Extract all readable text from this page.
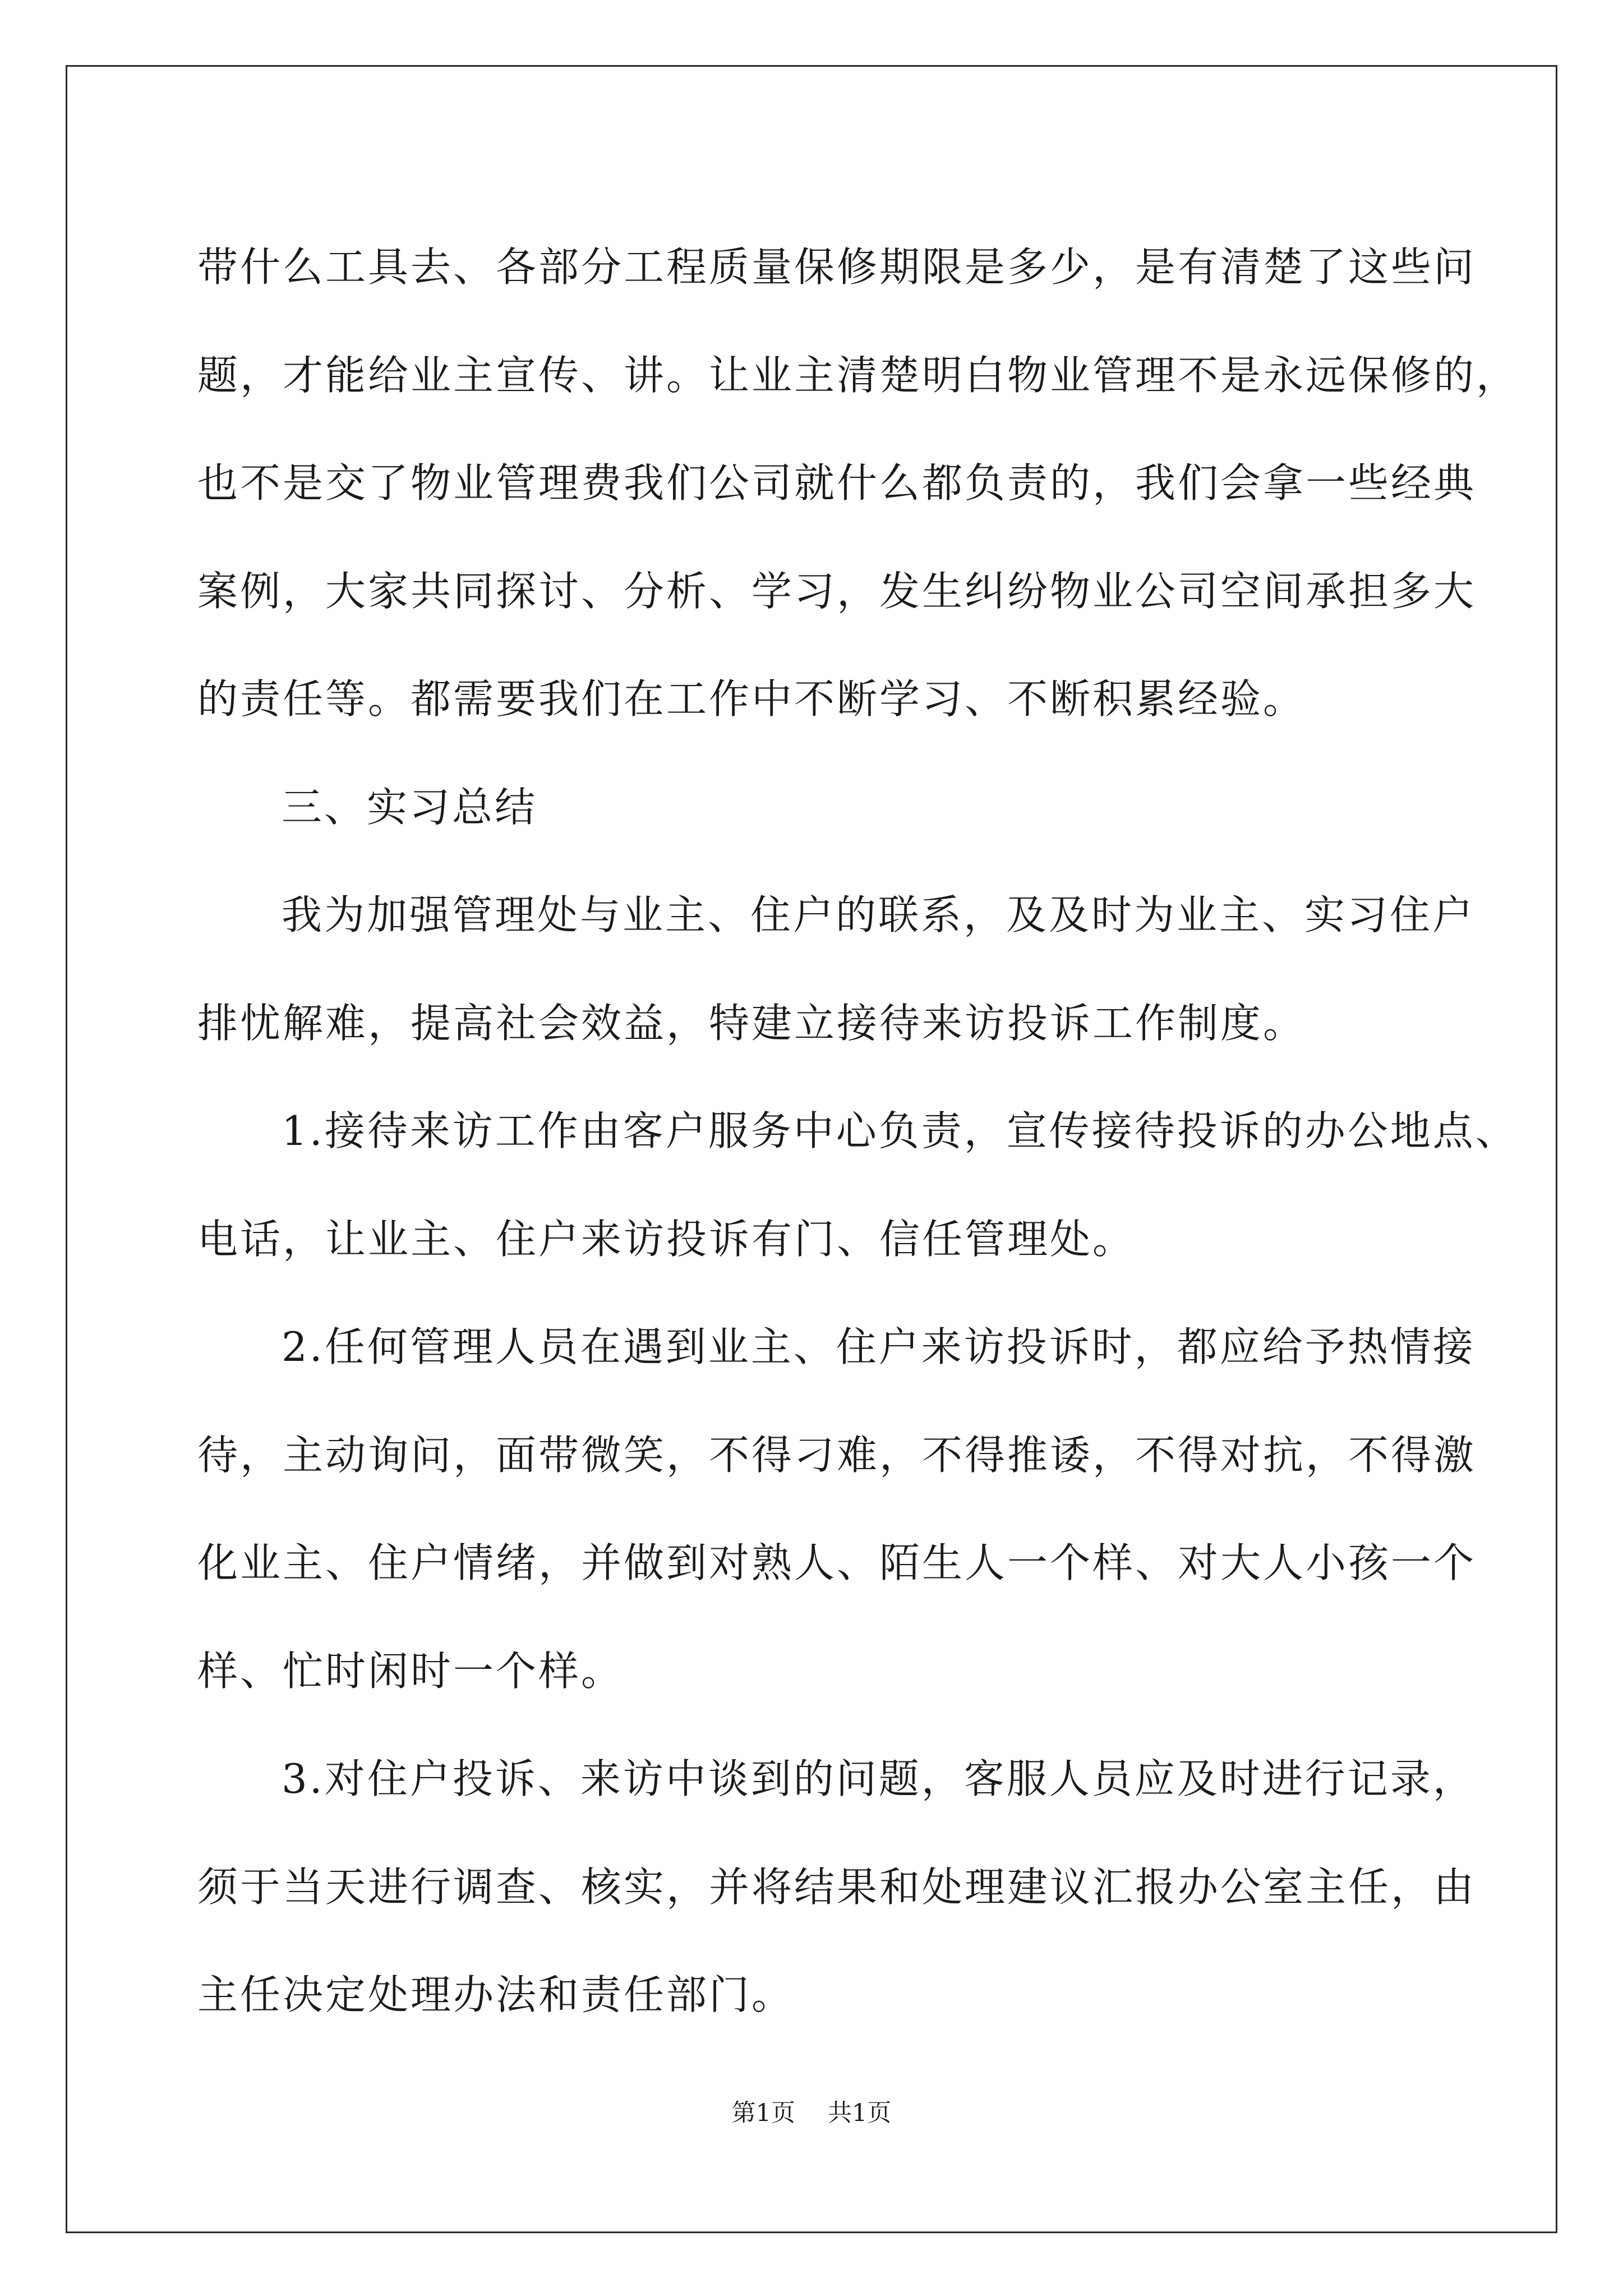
带什么工具去、各部分工程质量保修期限是多少，是有清楚了这些问

题，才能给业主宣传、讲。让业主清楚明白物业管理不是永远保修的，

也不是交了物业管理费我们公司就什么都负责的，我们会拿一些经典

案例，大家共同探讨、分析、学习，发生纠纷物业公司空间承担多大

的责任等。都需要我们在工作中不断学习、不断积累经验。

三、实习总结

我为加强管理处与业主、住户的联系，及及时为业主、实习住户

排忧解难，提高社会效益，特建立接待来访投诉工作制度。

1.接待来访工作由客户服务中心负责，宣传接待投诉的办公地点、

电话，让业主、住户来访投诉有门、信任管理处。

2.任何管理人员在遇到业主、住户来访投诉时，都应给予热情接

待，主动询问，面带微笑，不得刁难，不得推诿，不得对抗，不得激

化业主、住户情绪，并做到对熟人、陌生人一个样、对大人小孩一个

样、忙时闲时一个样。

3.对住户投诉、来访中谈到的问题，客服人员应及时进行记录，

须于当天进行调查、核实，并将结果和处理建议汇报办公室主任，由

主任决定处理办法和责任部门。

第1页 共1页
